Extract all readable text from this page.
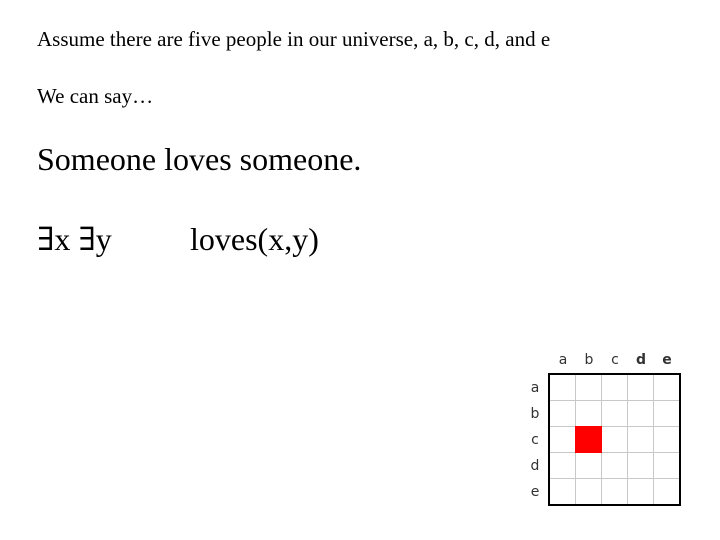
Assume there are five people in our universe, a, b, c, d, and e
We can say…
Someone loves someone.
∃x ∃y loves(x,y)
a	b	c	d	e
a
b
c
d
e
